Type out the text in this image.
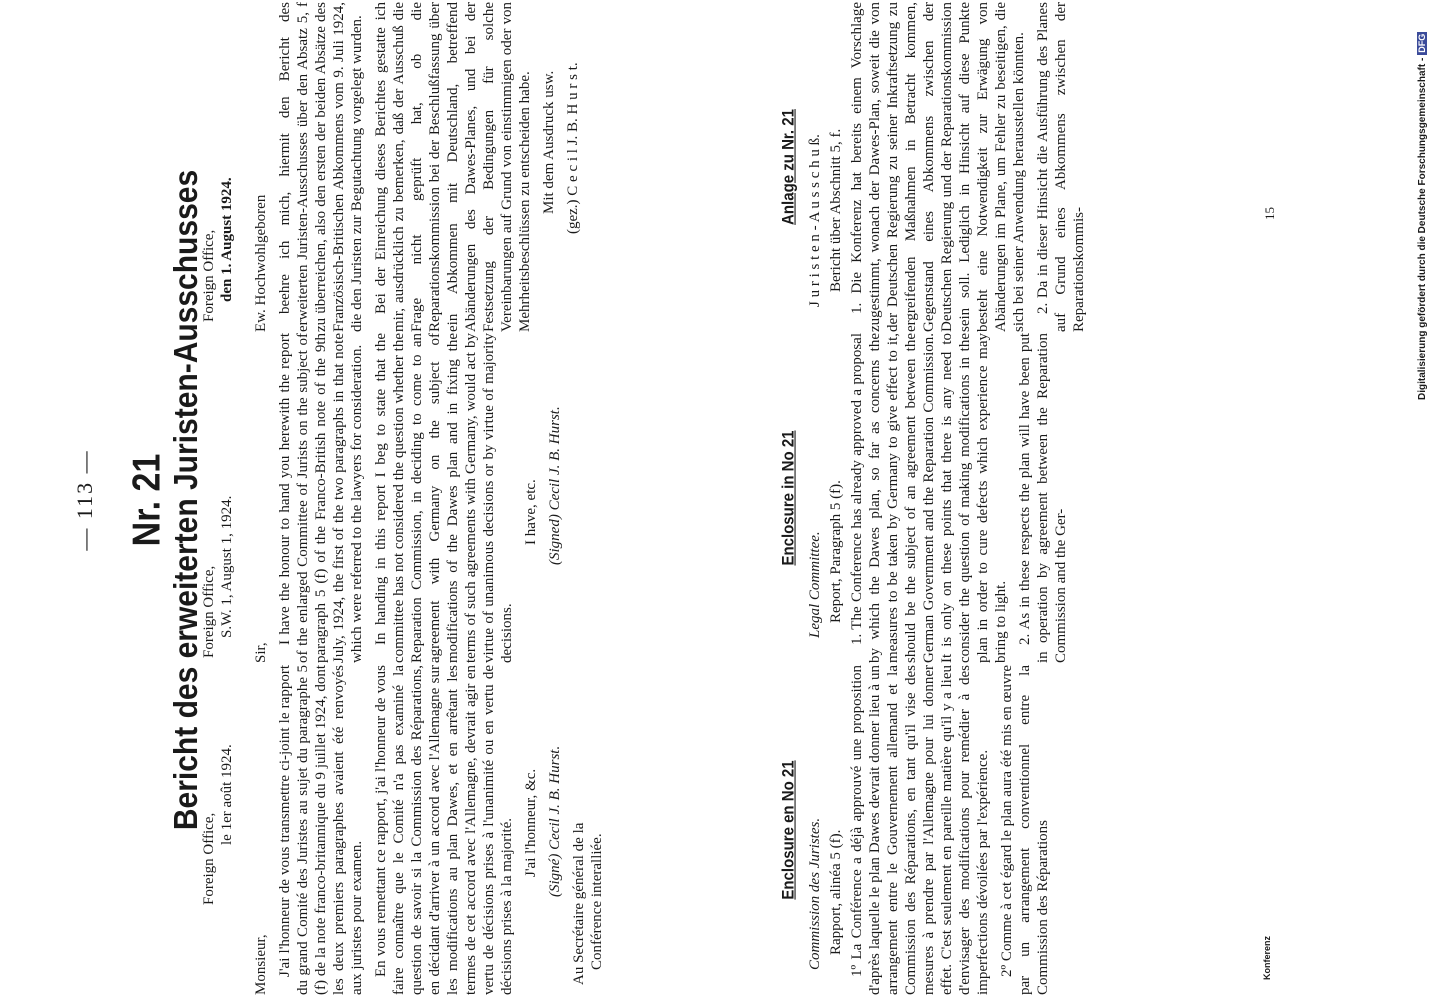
— 113 — Nr. 21 Bericht des erweiterten Juristen-Ausschusses
Foreign Office,
le 1er août 1924.

Monsieur, J'ai l'honneur de vous transmettre ci-joint le rapport du grand Comité des Juristes au sujet du paragraphe 5 (f) de la note franco-britannique du 9 juillet 1924, dont les deux premiers paragraphes avaient été renvoyés aux juristes pour examen. En vous remettant ce rapport, j'ai l'honneur de vous faire connaître que le Comité n'a pas examiné la question de savoir si la Commission des Réparations, en décidant d'arriver à un accord avec l'Allemagne sur les modifications au plan Dawes, et en arrêtant les termes de cet accord avec l'Allemagne, devrait agir en vertu de décisions prises à l'unanimité ou en vertu de décisions prises à la majorité. J'ai l'honneur, &c. (Signé) Cecil J. B. Hurst.

Au Secrétaire général de la Conférence interalliée.
Enclosure en No 21 Commission des Juristes. Rapport, alinéa 5 (f). 1º La Conférence a déjà approuvé une proposition d'après laquelle le plan Dawes devrait donner lieu à un arrangement entre le Gouvernement allemand et la Commission des Réparations, en tant qu'il vise des mesures à prendre par l'Allemagne pour lui donner effet. C'est seulement en pareille matière qu'il y a lieu d'envisager des modifications pour remédier à des imperfections dévoilées par l'expérience. 2º Comme à cet égard le plan aura été mis en œuvre par un arrangement conventionnel entre la Commission des Réparations

Foreign Office, S.W. 1, August 1, 1924.

Sir,

I have the honour to hand you herewith the report of the enlarged Committee of Jurists on the subject of paragraph 5 (f) of the Franco-British note of the 9th July, 1924, the first of the two paragraphs in that note which were referred to the lawyers for consideration. In handing in this report I beg to state that the committee has not considered the question whether the Reparation Commission, in deciding to come to an agreement with Germany on the subject of modifications of the Dawes plan and in fixing the terms of such agreements with Germany, would act by virtue of unanimous decisions or by virtue of majority decisions.

I have, etc. (Signed) Cecil J. B. Hurst.	Enclosure in No 21
Legal Committee. Report, Paragraph 5 (f). 1. The Conference has already approved a proposal by which the Dawes plan, so far as concerns the measures to be taken by Germany to give effect to it, should be the subject of an agreement between the German Government and the Reparation Commission. It is only on these points that there is any need to consider the question of making modifications in the plan in order to cure defects which experience may bring to light. 2. As in these respects the plan will have been put in operation by agreement between the Reparation Commission and the Ger-

Foreign Office, den 1. August 1924. Ew. Hochwohlgeboren beehre ich mich, hiermit den Bericht des erweiterten Juristen-Ausschusses über den Absatz 5, f zu überreichen, also den ersten der beiden Absätze des Französisch-Britischen Abkommens vom 9. Juli 1924, die den Juristen zur Begutachtung vorgelegt wurden. Bei der Einreichung dieses Berichtes gestatte ich mir, ausdrücklich zu bemerken, daß der Ausschuß die Frage nicht geprüft hat, ob die Reparationskommission bei der Beschlußfassung über ein Abkommen mit Deutschland, betreffend Abänderungen des Dawes-Planes, und bei der Festsetzung der Bedingungen für solche Vereinbarungen auf Grund von einstimmigen oder von Mehrheitsbeschlüssen zu entscheiden habe. Mit dem Ausdruck usw. (gez.) C e c i l J. B. H u r s t.	Anlage zu Nr. 21 J u r i s t e n - A u s s c h u ß. Bericht über Abschnitt 5, f. 1. Die Konferenz hat bereits einem Vorschlage zugestimmt, wonach der Dawes-Plan, soweit die von der Deutschen Regierung zu seiner Inkraftsetzung zu ergreifenden Maßnahmen in Betracht kommen, Gegenstand eines Abkommens zwischen der Deutschen Regierung und der Reparationskommission sein soll. Lediglich in Hinsicht auf diese Punkte besteht eine Notwendigkeit zur Erwägung von Abänderungen im Plane, um Fehler zu beseitigen, die sich bei seiner Anwendung herausstellen könnten. 2. Da in dieser Hinsicht die Ausführung des Planes auf Grund eines Abkommens zwischen der Reparationskommis-

Konferenz
15	Digitalisierung gefördert durch die Deutsche Forschungsgemeinschaft -DFG
